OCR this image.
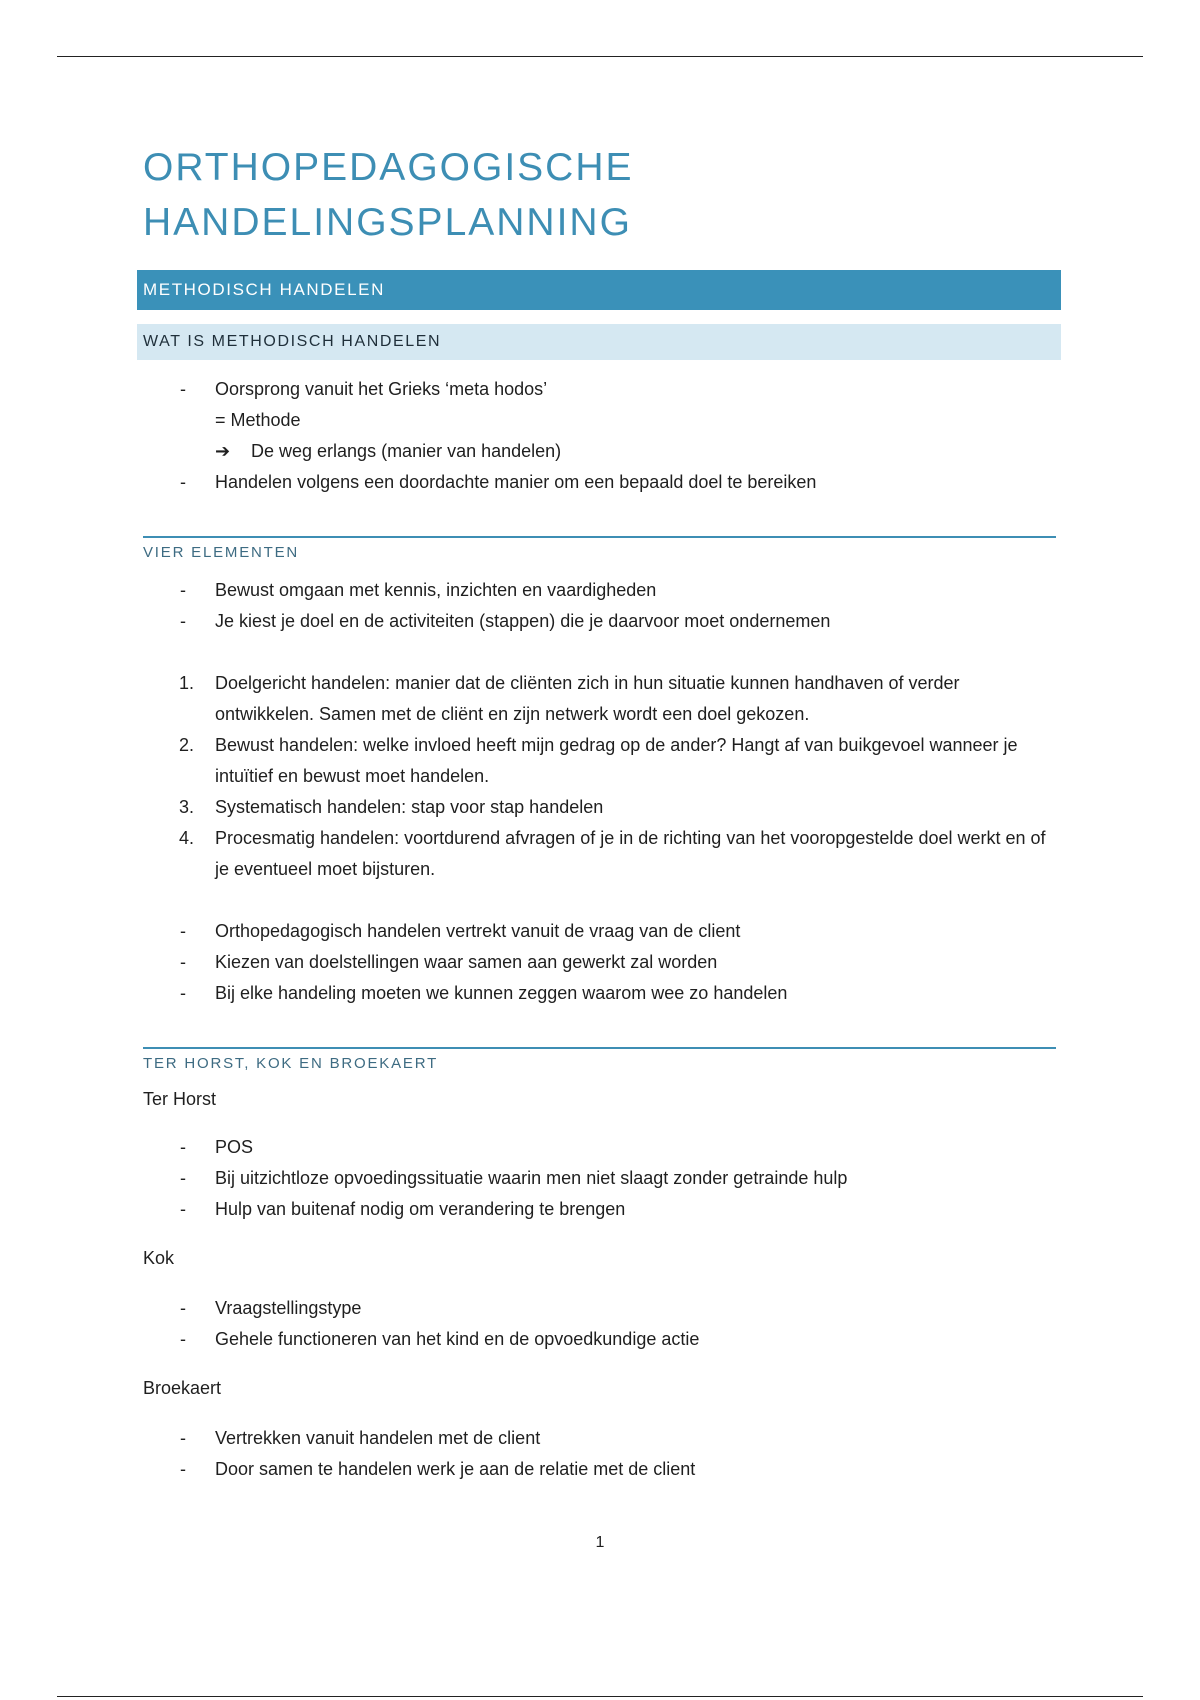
ORTHOPEDAGOGISCHE
HANDELINGSPLANNING
METHODISCH HANDELEN
WAT IS METHODISCH HANDELEN
- Oorsprong vanuit het Grieks ‘meta hodos’
= Methode
➔ De weg erlangs (manier van handelen)
- Handelen volgens een doordachte manier om een bepaald doel te bereiken
VIER ELEMENTEN
- Bewust omgaan met kennis, inzichten en vaardigheden
- Je kiest je doel en de activiteiten (stappen) die je daarvoor moet ondernemen
1. Doelgericht handelen: manier dat de cliënten zich in hun situatie kunnen handhaven of verder ontwikkelen. Samen met de cliënt en zijn netwerk wordt een doel gekozen.
2. Bewust handelen: welke invloed heeft mijn gedrag op de ander? Hangt af van buikgevoel wanneer je intuïtief en bewust moet handelen.
3. Systematisch handelen: stap voor stap handelen
4. Procesmatig handelen: voortdurend afvragen of je in de richting van het vooropgestelde doel werkt en of je eventueel moet bijsturen.
- Orthopedagogisch handelen vertrekt vanuit de vraag van de client
- Kiezen van doelstellingen waar samen aan gewerkt zal worden
- Bij elke handeling moeten we kunnen zeggen waarom wee zo handelen
TER HORST, KOK EN BROEKAERT
Ter Horst
- POS
- Bij uitzichtloze opvoedingssituatie waarin men niet slaagt zonder getrainde hulp
- Hulp van buitenaf nodig om verandering te brengen
Kok
- Vraagstellingstype
- Gehele functioneren van het kind en de opvoedkundige actie
Broekaert
- Vertrekken vanuit handelen met de client
- Door samen te handelen werk je aan de relatie met de client
1
